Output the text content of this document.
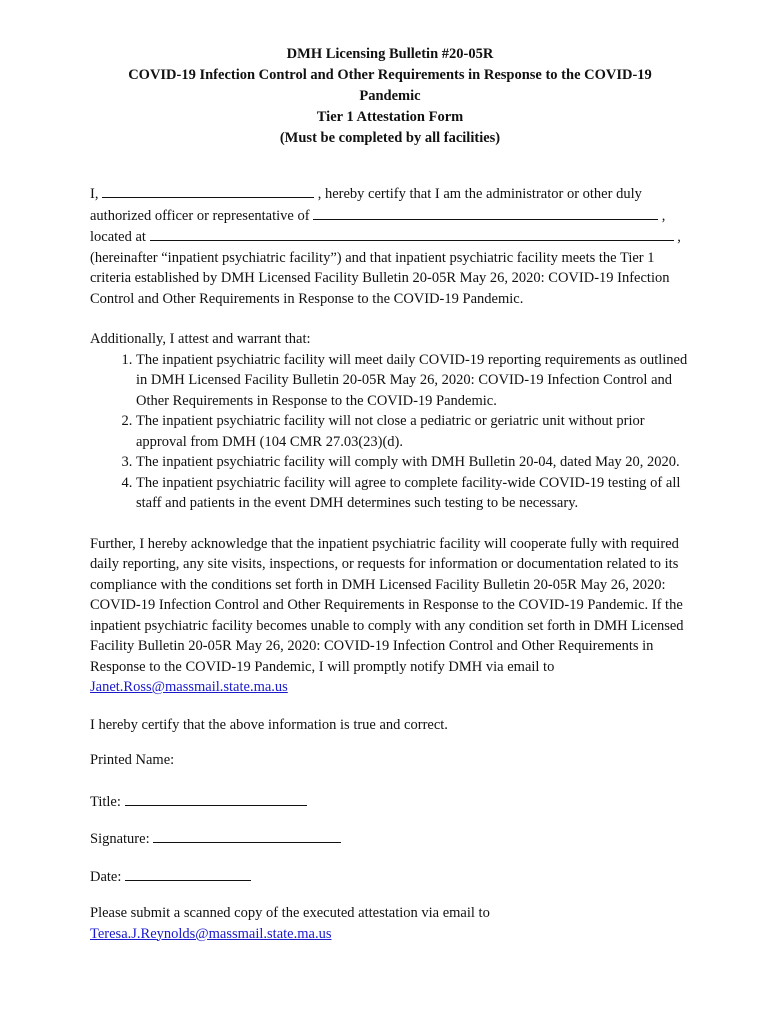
DMH Licensing Bulletin #20-05R
COVID-19 Infection Control and Other Requirements in Response to the COVID-19
Pandemic
Tier 1 Attestation Form
(Must be completed by all facilities)

I,	, hereby certify that I am the administrator or other duly authorized officer or representative of	, located at	, (hereinafter “inpatient psychiatric facility”) and that inpatient psychiatric facility meets the Tier 1 criteria established by DMH Licensed Facility Bulletin 20-05R May 26, 2020: COVID-19 Infection Control and Other Requirements in Response to the COVID-19 Pandemic.

Additionally, I attest and warrant that:

1. The inpatient psychiatric facility will meet daily COVID-19 reporting requirements as outlined in DMH Licensed Facility Bulletin 20-05R May 26, 2020: COVID-19 Infection Control and Other Requirements in Response to the COVID-19 Pandemic.
2. The inpatient psychiatric facility will not close a pediatric or geriatric unit without prior approval from DMH (104 CMR 27.03(23)(d).
3. The inpatient psychiatric facility will comply with DMH Bulletin 20-04, dated May 20, 2020.
4. The inpatient psychiatric facility will agree to complete facility-wide COVID-19 testing of all staff and patients in the event DMH determines such testing to be necessary.

Further, I hereby acknowledge that the inpatient psychiatric facility will cooperate fully with required daily reporting, any site visits, inspections, or requests for information or documentation related to its compliance with the conditions set forth in DMH Licensed Facility Bulletin 20-05R May 26, 2020: COVID-19 Infection Control and Other Requirements in Response to the COVID-19 Pandemic. If the inpatient psychiatric facility becomes unable to comply with any condition set forth in DMH Licensed Facility Bulletin 20-05R May 26, 2020: COVID-19 Infection Control and Other Requirements in Response to the COVID-19 Pandemic, I will promptly notify DMH via email to Janet.Ross@massmail.state.ma.us

I hereby certify that the above information is true and correct.

Printed Name:

Title:

Signature:

Date:

Please submit a scanned copy of the executed attestation via email to
Teresa.J.Reynolds@massmail.state.ma.us
